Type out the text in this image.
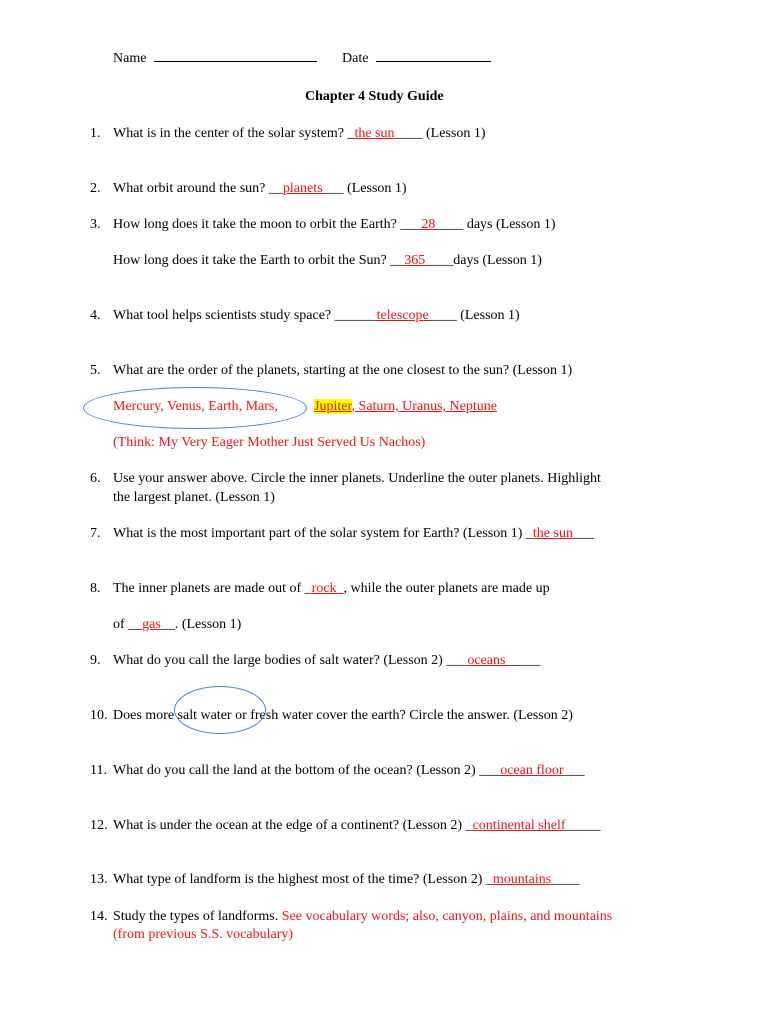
Name	Date
Chapter 4 Study Guide
1. What is in the center of the solar system? _the sun____ (Lesson 1)
2. What orbit around the sun? __planets___ (Lesson 1)
3. How long does it take the moon to orbit the Earth? ___28____ days (Lesson 1)
How long does it take the Earth to orbit the Sun? __365____days (Lesson 1)
4. What tool helps scientists study space? ______telescope____ (Lesson 1)
5. What are the order of the planets, starting at the one closest to the sun? (Lesson 1)
Mercury, Venus, Earth, Mars,	Jupiter, Saturn, Uranus, Neptune
(Think: My Very Eager Mother Just Served Us Nachos)
6. Use your answer above. Circle the inner planets. Underline the outer planets. Highlight
the largest planet. (Lesson 1)
7. What is the most important part of the solar system for Earth? (Lesson 1) _the sun___
8. The inner planets are made out of _rock  , while the outer planets are made up
of __gas__. (Lesson 1)
9. What do you call the large bodies of salt water? (Lesson 2) ___oceans_____
10. Does more salt water or fresh water cover the earth? Circle the answer. (Lesson 2)
11. What do you call the land at the bottom of the ocean? (Lesson 2) ___ocean floor___
12. What is under the ocean at the edge of a continent? (Lesson 2) _continental shelf_____
13. What type of landform is the highest most of the time? (Lesson 2) _mountains____
14. Study the types of landforms. See vocabulary words; also, canyon, plains, and mountains
(from previous S.S. vocabulary)
